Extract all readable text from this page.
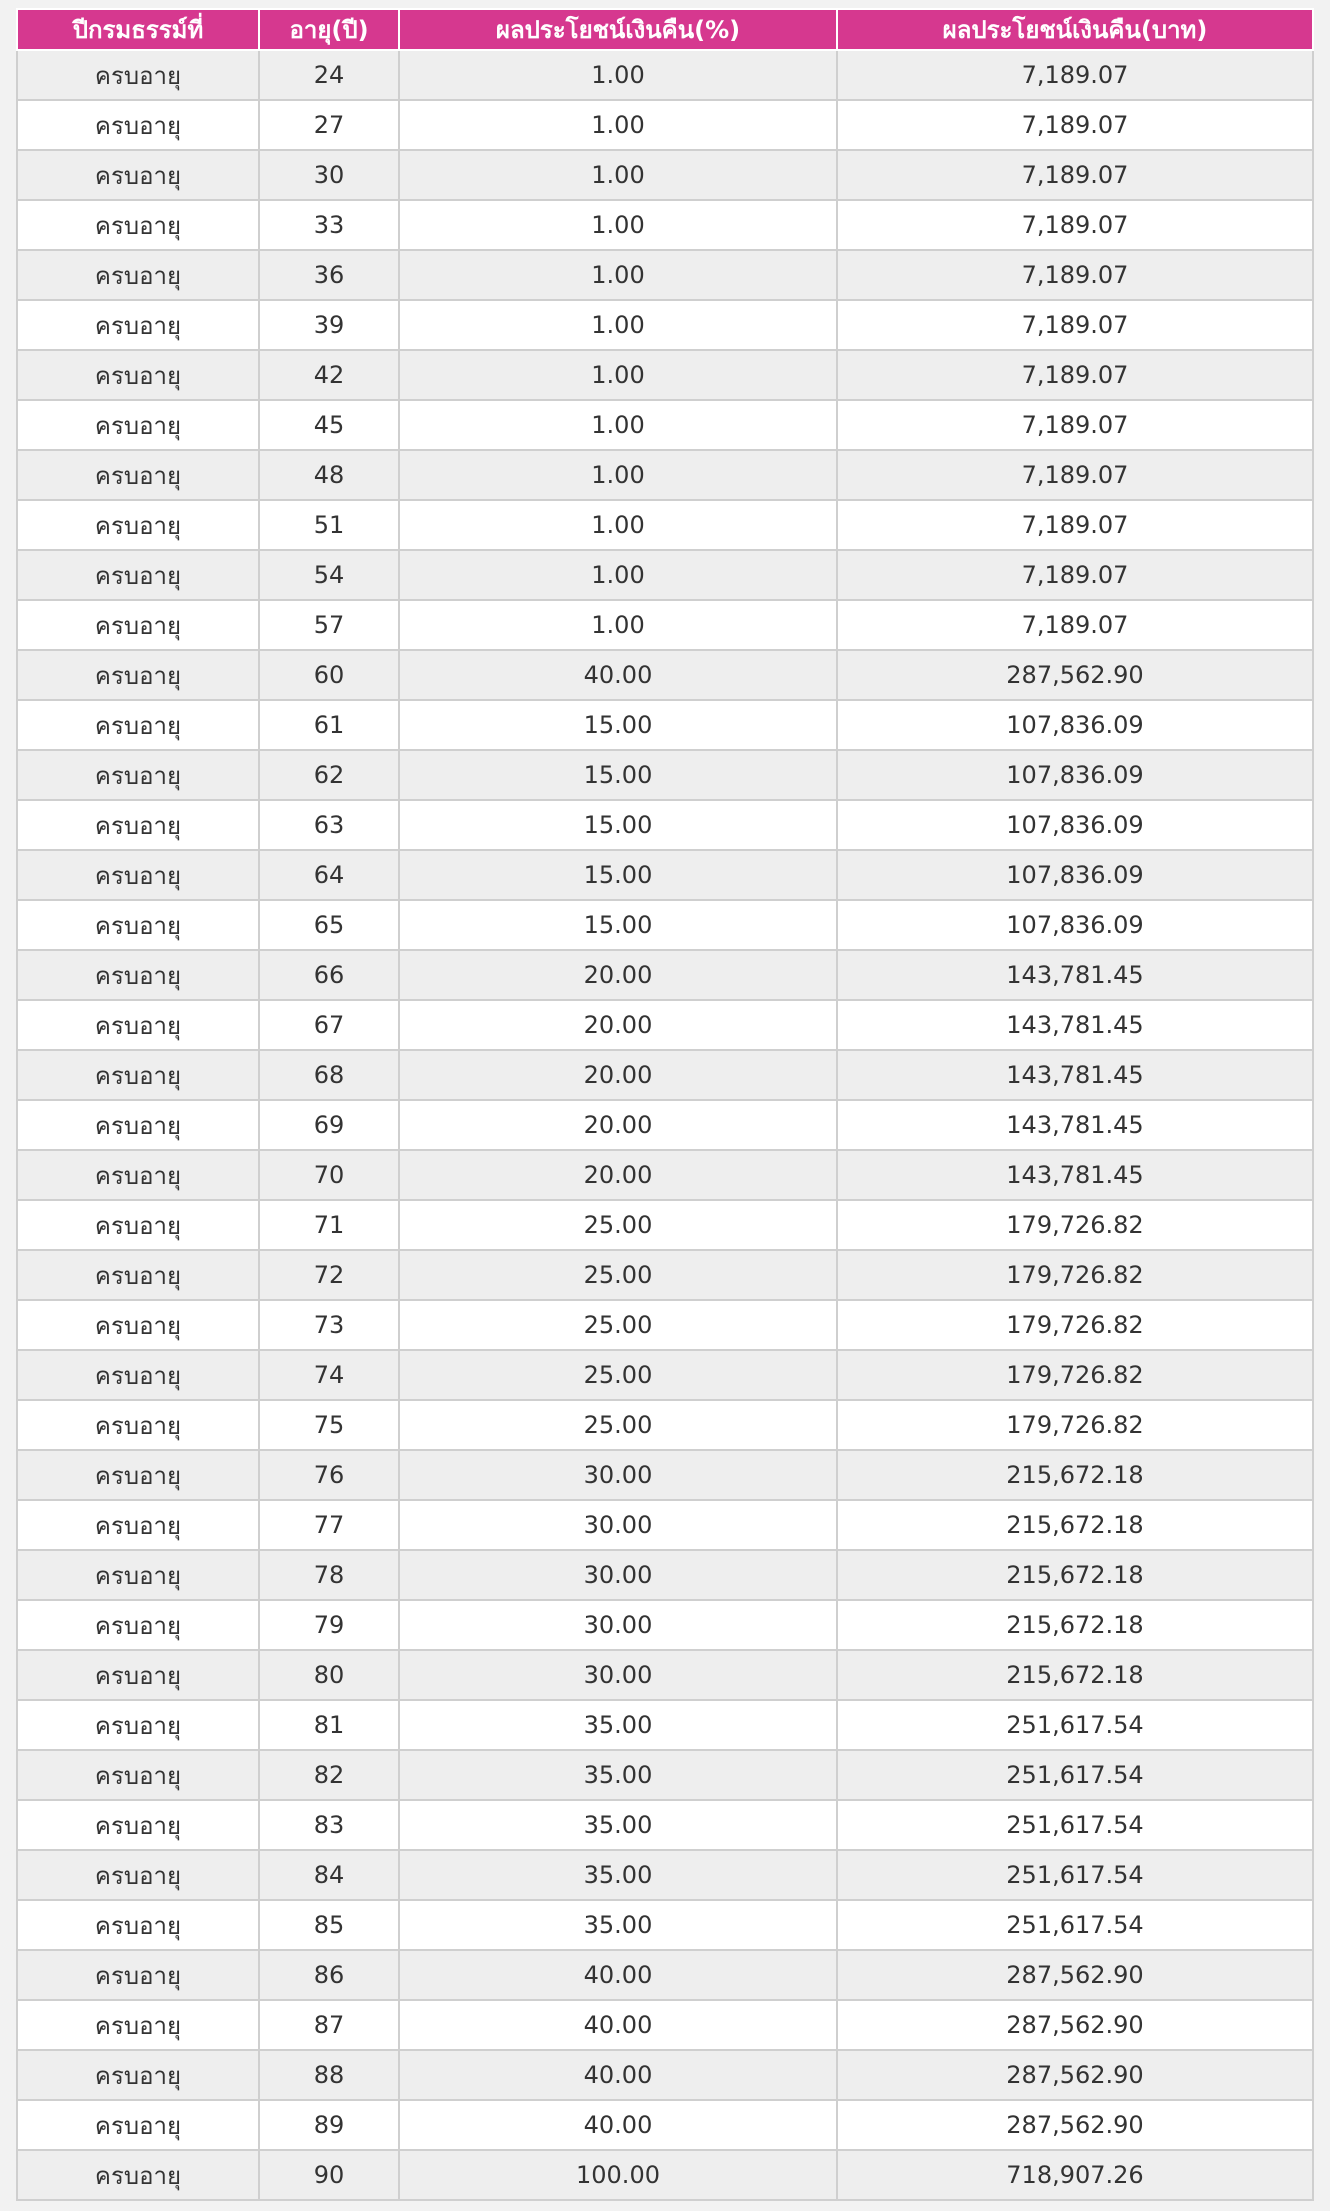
ปีกรมธรรม์ที่	อายุ(ปี)	ผลประโยชน์เงินคืน(%)	ผลประโยชน์เงินคืน(บาท)
ครบอายุ	24	1.00	7,189.07
ครบอายุ	27	1.00	7,189.07
ครบอายุ	30	1.00	7,189.07
ครบอายุ	33	1.00	7,189.07
ครบอายุ	36	1.00	7,189.07
ครบอายุ	39	1.00	7,189.07
ครบอายุ	42	1.00	7,189.07
ครบอายุ	45	1.00	7,189.07
ครบอายุ	48	1.00	7,189.07
ครบอายุ	51	1.00	7,189.07
ครบอายุ	54	1.00	7,189.07
ครบอายุ	57	1.00	7,189.07
ครบอายุ	60	40.00	287,562.90
ครบอายุ	61	15.00	107,836.09
ครบอายุ	62	15.00	107,836.09
ครบอายุ	63	15.00	107,836.09
ครบอายุ	64	15.00	107,836.09
ครบอายุ	65	15.00	107,836.09
ครบอายุ	66	20.00	143,781.45
ครบอายุ	67	20.00	143,781.45
ครบอายุ	68	20.00	143,781.45
ครบอายุ	69	20.00	143,781.45
ครบอายุ	70	20.00	143,781.45
ครบอายุ	71	25.00	179,726.82
ครบอายุ	72	25.00	179,726.82
ครบอายุ	73	25.00	179,726.82
ครบอายุ	74	25.00	179,726.82
ครบอายุ	75	25.00	179,726.82
ครบอายุ	76	30.00	215,672.18
ครบอายุ	77	30.00	215,672.18
ครบอายุ	78	30.00	215,672.18
ครบอายุ	79	30.00	215,672.18
ครบอายุ	80	30.00	215,672.18
ครบอายุ	81	35.00	251,617.54
ครบอายุ	82	35.00	251,617.54
ครบอายุ	83	35.00	251,617.54
ครบอายุ	84	35.00	251,617.54
ครบอายุ	85	35.00	251,617.54
ครบอายุ	86	40.00	287,562.90
ครบอายุ	87	40.00	287,562.90
ครบอายุ	88	40.00	287,562.90
ครบอายุ	89	40.00	287,562.90
ครบอายุ	90	100.00	718,907.26
